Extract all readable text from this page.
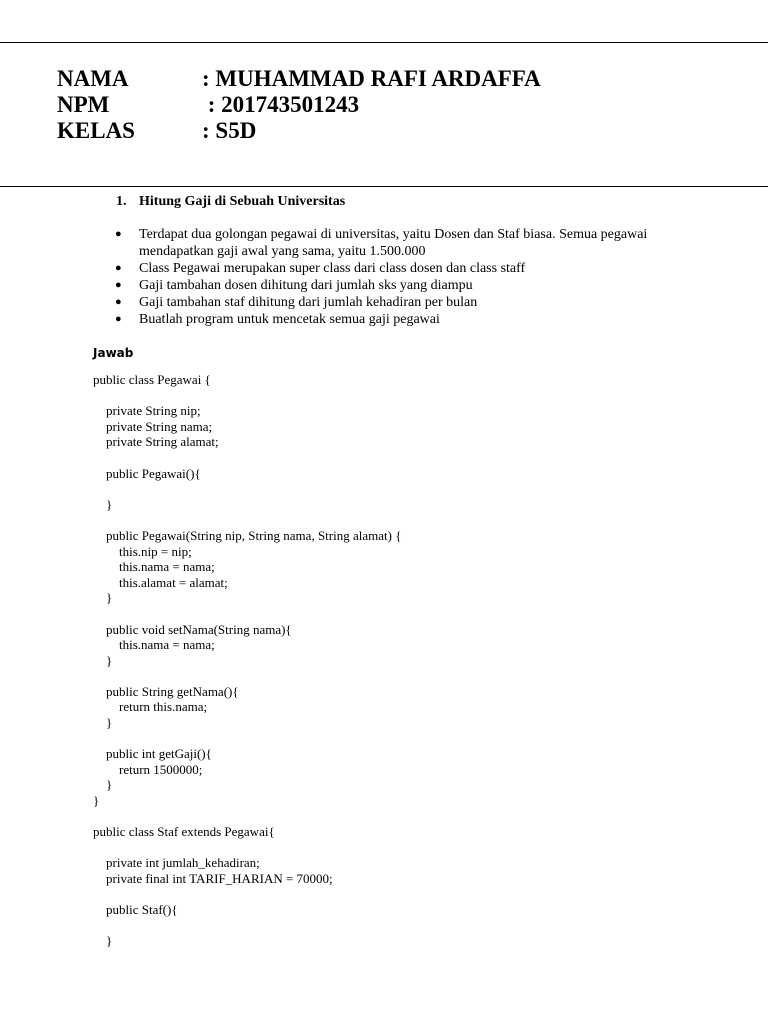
NAMA	: MUHAMMAD RAFI ARDAFFA
NPM	: 201743501243
KELAS	: S5D
1. Hitung Gaji di Sebuah Universitas
● Terdapat dua golongan pegawai di universitas, yaitu Dosen dan Staf biasa. Semua pegawai mendapatkan gaji awal yang sama, yaitu 1.500.000
● Class Pegawai merupakan super class dari class dosen dan class staff
● Gaji tambahan dosen dihitung dari jumlah sks yang diampu
● Gaji tambahan staf dihitung dari jumlah kehadiran per bulan
● Buatlah program untuk mencetak semua gaji pegawai
Jawab
public class Pegawai {

private String nip;
private String nama;
private String alamat;

public Pegawai(){

}

public Pegawai(String nip, String nama, String alamat) {
this.nip = nip;
this.nama = nama;
this.alamat = alamat;
}

public void setNama(String nama){
this.nama = nama;
}

public String getNama(){
return this.nama;
}

public int getGaji(){
return 1500000;
}
}

public class Staf extends Pegawai{

private int jumlah_kehadiran;
private final int TARIF_HARIAN = 70000;

public Staf(){

}
